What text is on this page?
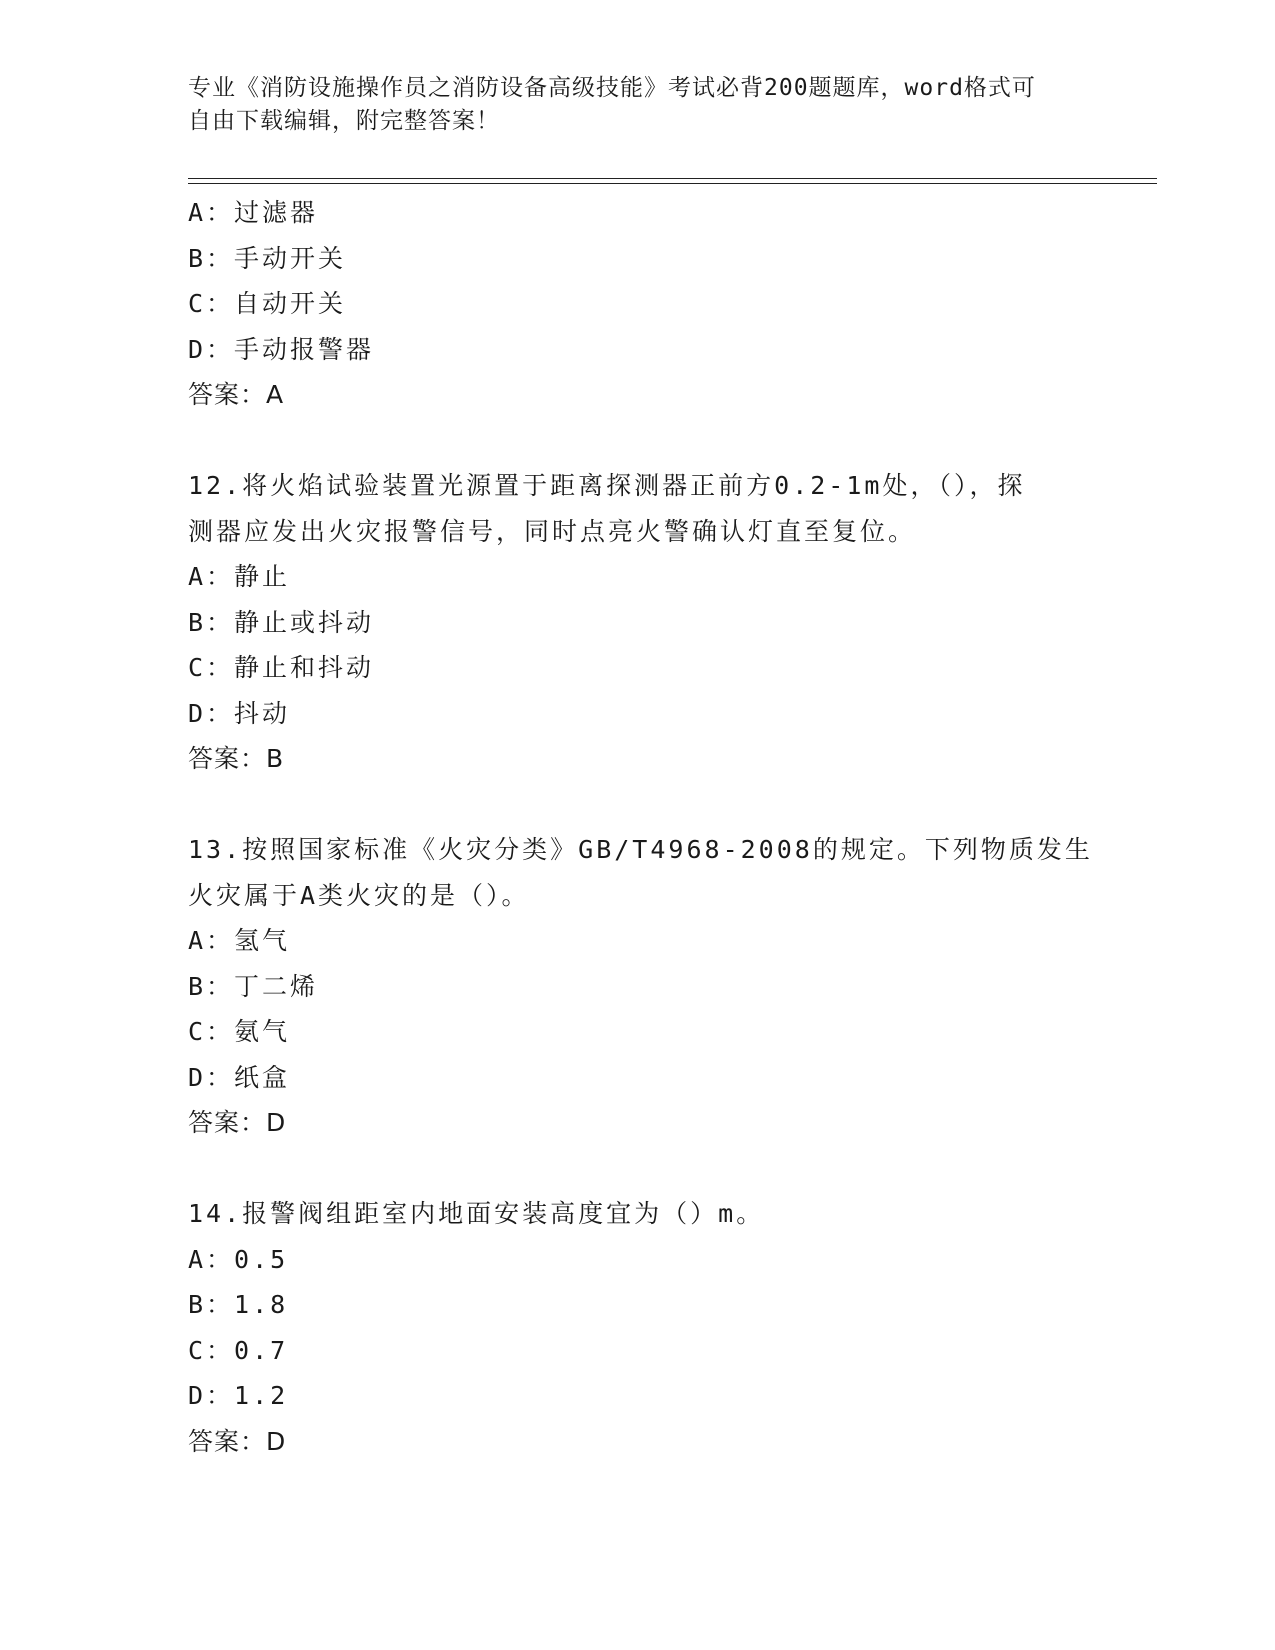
专业《消防设施操作员之消防设备高级技能》考试必背200题题库，word格式可
自由下载编辑，附完整答案！
A：过滤器
B：手动开关
C：自动开关
D：手动报警器
答案：A
12.将火焰试验装置光源置于距离探测器正前方0.2-1m处，（），探
测器应发出火灾报警信号，同时点亮火警确认灯直至复位。
A：静止
B：静止或抖动
C：静止和抖动
D：抖动
答案：B
13.按照国家标准《火灾分类》GB/T4968-2008的规定。下列物质发生
火灾属于A类火灾的是（）。
A：氢气
B：丁二烯
C：氨气
D：纸盒
答案：D
14.报警阀组距室内地面安装高度宜为（）m。
A：0.5
B：1.8
C：0.7
D：1.2
答案：D
